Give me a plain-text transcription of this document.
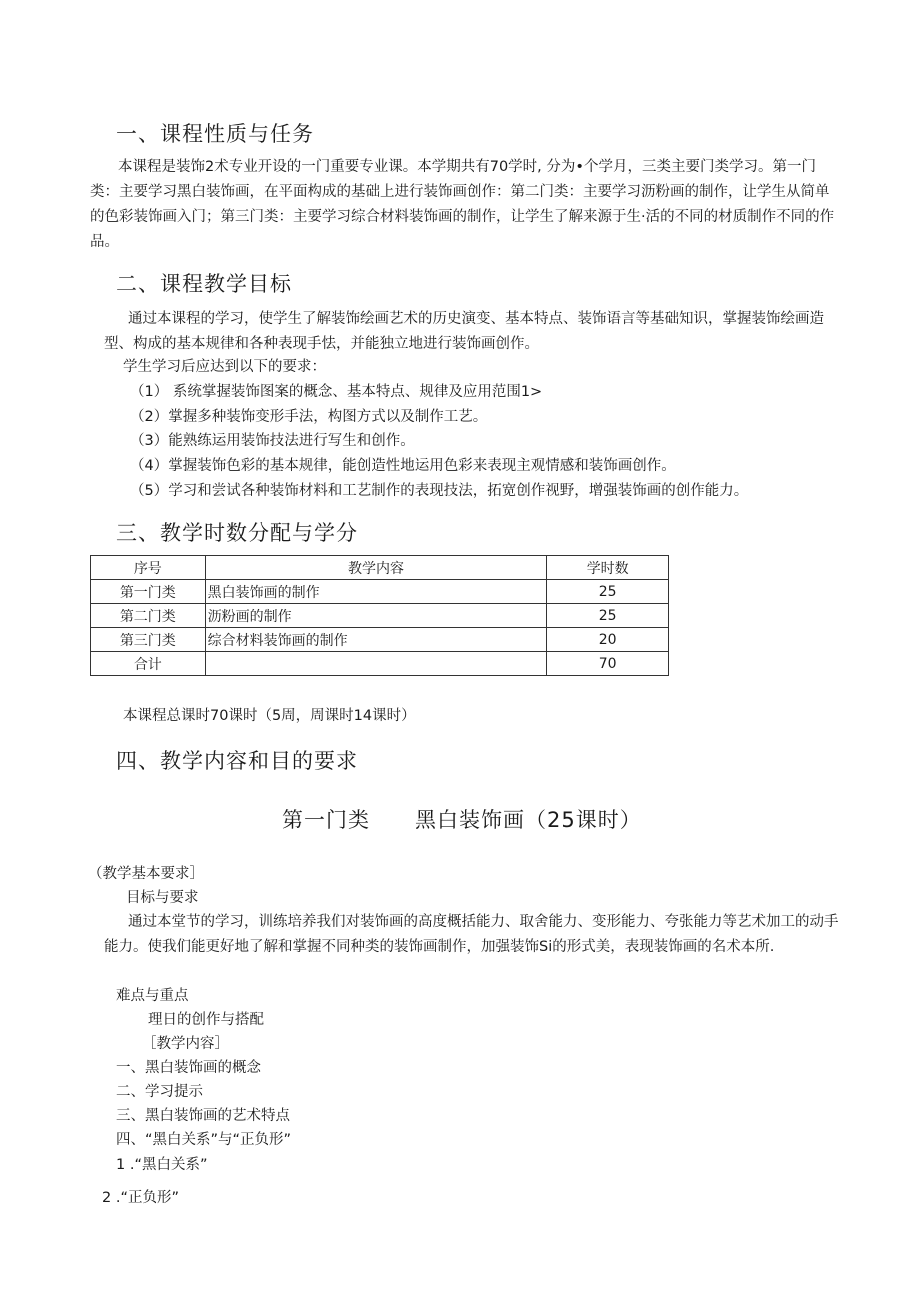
一、课程性质与任务
本课程是装饰2术专业开设的一门重要专业课。本学期共有70学时, 分为•个学月，三类主要门类学习。第一门类：主要学习黑白装饰画，在平面构成的基础上进行装饰画创作：第二门类：主要学习沥粉画的制作，让学生从简单的色彩装饰画入门；第三门类：主要学习综合材料装饰画的制作，让学生了解来源于生·活的不同的材质制作不同的作品。
二、课程教学目标
通过本课程的学习，使学生了解装饰绘画艺术的历史演变、基本特点、装饰语言等基础知识，掌握装饰绘画造型、构成的基本规律和各种表现手怯，并能独立地进行装饰画创作。
学生学习后应达到以下的要求：
（1） 系统掌握装饰图案的概念、基本特点、规律及应用范围1>
（2）掌握多种装饰变形手法，构图方式以及制作工艺。
（3）能熟练运用装饰技法进行写生和创作。
（4）掌握装饰色彩的基本规律，能创造性地运用色彩来表现主观情感和装饰画创作。
（5）学习和尝试各种装饰材料和工艺制作的表现技法，拓宽创作视野，增强装饰画的创作能力。
三、教学时数分配与学分
序号	教学内容	学时数
第一门类	黑白装饰画的制作	25
第二门类	沥粉画的制作	25
第三门类	综合材料装饰画的制作	20
合计		70
本课程总课时70课时（5周，周课时14课时）
四、教学内容和目的要求
第一门类 黑白装饰画（25课时）
（教学基本要求］
目标与要求
通过本堂节的学习，训练培养我们对装饰画的高度概括能力、取舍能力、变形能力、夸张能力等艺术加工的动手能力。使我们能更好地了解和掌握不同种类的装饰画制作，加强装饰Si的形式美，表现装饰画的名术本所.
难点与重点
理日的创作与搭配
［教学内容］
一、黑白装饰画的概念
二、学习提示
三、黑白装饰画的艺术特点
四、“黑白关系”与“正负形”
1 .“黑白关系”
2 .“正负形”
